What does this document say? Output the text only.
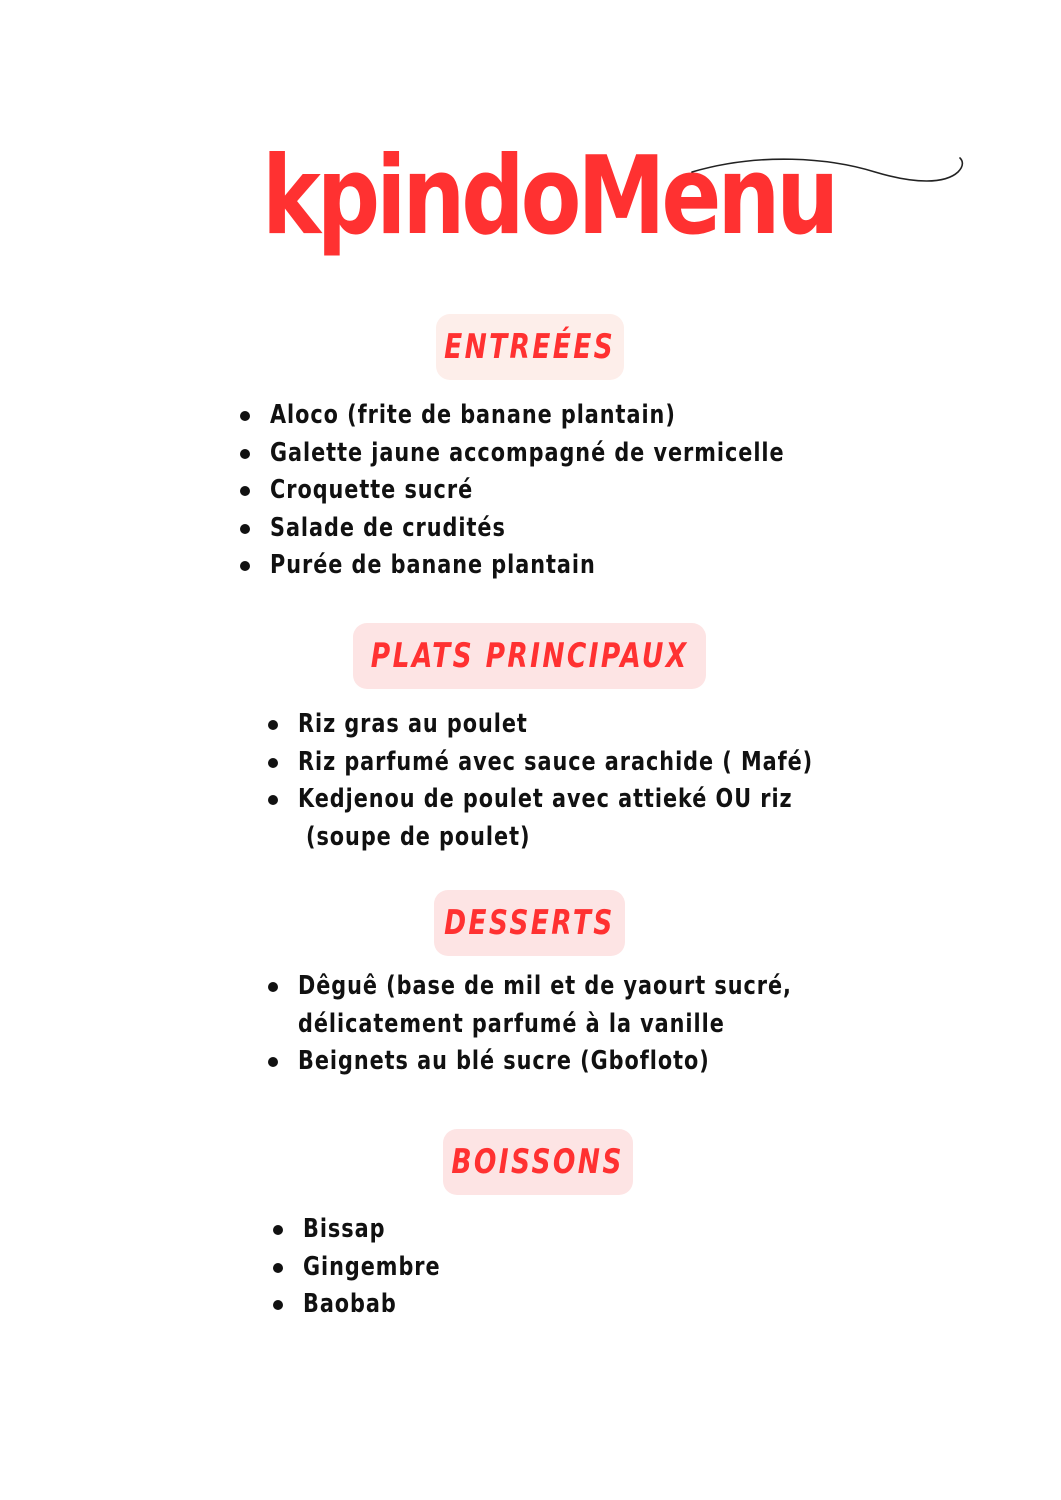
kpindoMenu
ENTREÉES
Aloco (frite de banane plantain)
Galette jaune accompagné de vermicelle
Croquette sucré
Salade de crudités
Purée de banane plantain
PLATS PRINCIPAUX
Riz gras au poulet
Riz parfumé avec sauce arachide ( Mafé)
Kedjenou de poulet avec attieké OU riz
(soupe de poulet)
DESSERTS
Dêguê (base de mil et de yaourt sucré,
délicatement parfumé à la vanille
Beignets au blé sucre (Gbofloto)
BOISSONS
Bissap
Gingembre
Baobab
